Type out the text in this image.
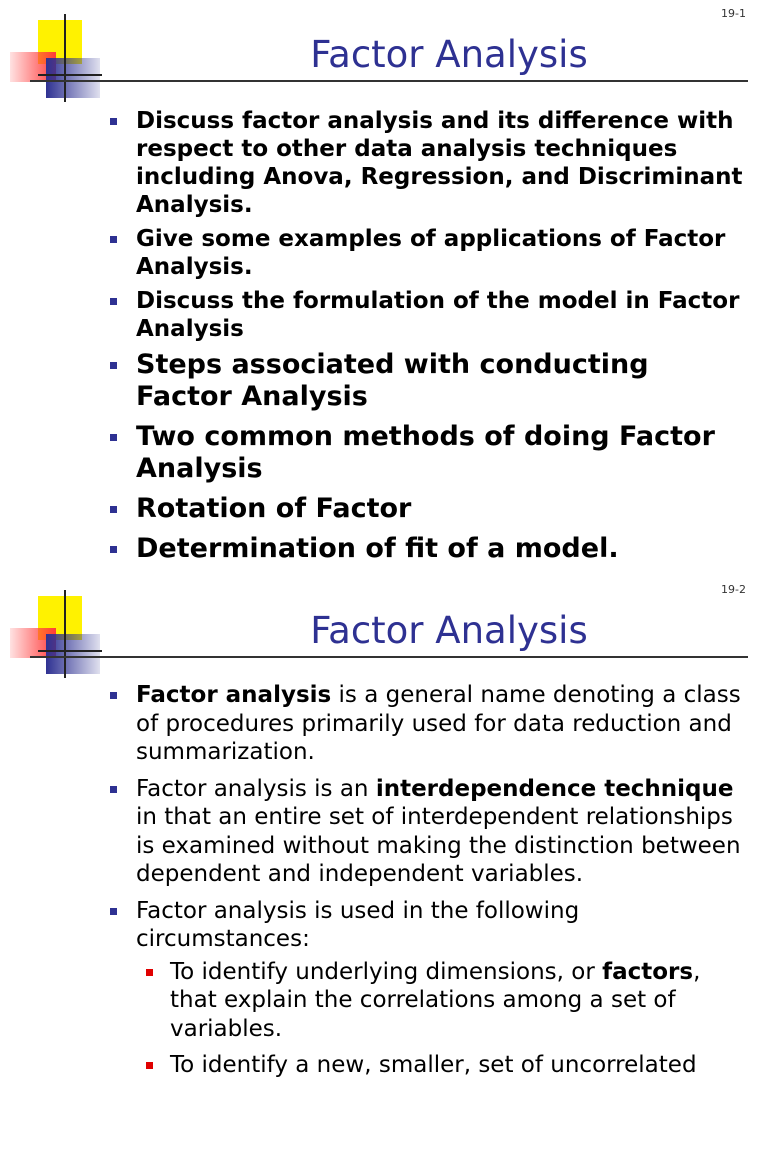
19-1
Factor Analysis
Discuss factor analysis and its difference with respect to other data analysis techniques including Anova, Regression, and Discriminant Analysis.
Give some examples of applications of Factor Analysis.
Discuss the formulation of the model in Factor Analysis
Steps associated with conducting Factor Analysis
Two common methods of doing Factor Analysis
Rotation of Factor
Determination of fit of a model.
19-2
Factor Analysis
Factor analysis is a general name denoting a class of procedures primarily used for data reduction and summarization.
Factor analysis is an interdependence technique in that an entire set of interdependent relationships is examined without making the distinction between dependent and independent variables.
Factor analysis is used in the following circumstances:
To identify underlying dimensions, or factors, that explain the correlations among a set of variables.
To identify a new, smaller, set of uncorrelated
